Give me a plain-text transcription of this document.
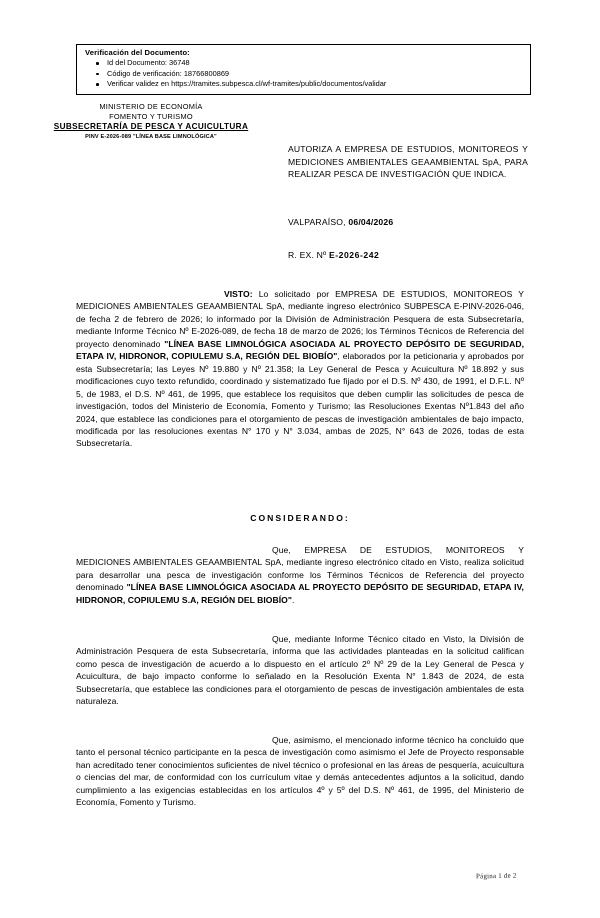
Verificación del Documento:
Id del Documento: 36748
Código de verificación: 18766800869
Verificar validez en https://tramites.subpesca.cl/wf-tramites/public/documentos/validar
MINISTERIO DE ECONOMÍA
FOMENTO Y TURISMO
SUBSECRETARÍA DE PESCA Y ACUICULTURA
PINV E-2026-089 "LÍNEA BASE LIMNOLÓGICA"
AUTORIZA A EMPRESA DE ESTUDIOS, MONITOREOS Y MEDICIONES AMBIENTALES GEAAMBIENTAL SpA, PARA REALIZAR PESCA DE INVESTIGACIÓN QUE INDICA.
VALPARAÍSO, 06/04/2026
R. EX. Nº E-2026-242
VISTO: Lo solicitado por EMPRESA DE ESTUDIOS, MONITOREOS Y MEDICIONES AMBIENTALES GEAAMBIENTAL SpA, mediante ingreso electrónico SUBPESCA E-PINV-2026-046, de fecha 2 de febrero de 2026; lo informado por la División de Administración Pesquera de esta Subsecretaría, mediante Informe Técnico Nº E-2026-089, de fecha 18 de marzo de 2026; los Términos Técnicos de Referencia del proyecto denominado "LÍNEA BASE LIMNOLÓGICA ASOCIADA AL PROYECTO DEPÓSITO DE SEGURIDAD, ETAPA IV, HIDRONOR, COPIULEMU S.A, REGIÓN DEL BIOBÍO", elaborados por la peticionaria y aprobados por esta Subsecretaría; las Leyes Nº 19.880 y Nº 21.358; la Ley General de Pesca y Acuicultura Nº 18.892 y sus modificaciones cuyo texto refundido, coordinado y sistematizado fue fijado por el D.S. Nº 430, de 1991, el D.F.L. Nº 5, de 1983, el D.S. Nº 461, de 1995, que establece los requisitos que deben cumplir las solicitudes de pesca de investigación, todos del Ministerio de Economía, Fomento y Turismo; las Resoluciones Exentas Nº1.843 del año 2024, que establece las condiciones para el otorgamiento de pescas de investigación ambientales de bajo impacto, modificada por las resoluciones exentas N° 170 y N° 3.034, ambas de 2025, N° 643 de 2026, todas de esta Subsecretaría.
CONSIDERANDO:
Que, EMPRESA DE ESTUDIOS, MONITOREOS Y MEDICIONES AMBIENTALES GEAAMBIENTAL SpA, mediante ingreso electrónico citado en Visto, realiza solicitud para desarrollar una pesca de investigación conforme los Términos Técnicos de Referencia del proyecto denominado "LÍNEA BASE LIMNOLÓGICA ASOCIADA AL PROYECTO DEPÓSITO DE SEGURIDAD, ETAPA IV, HIDRONOR, COPIULEMU S.A, REGIÓN DEL BIOBÍO".
Que, mediante Informe Técnico citado en Visto, la División de Administración Pesquera de esta Subsecretaría, informa que las actividades planteadas en la solicitud califican como pesca de investigación de acuerdo a lo dispuesto en el artículo 2º Nº 29 de la Ley General de Pesca y Acuicultura, de bajo impacto conforme lo señalado en la Resolución Exenta N° 1.843 de 2024, de esta Subsecretaría, que establece las condiciones para el otorgamiento de pescas de investigación ambientales de esta naturaleza.
Que, asimismo, el mencionado informe técnico ha concluido que tanto el personal técnico participante en la pesca de investigación como asimismo el Jefe de Proyecto responsable han acreditado tener conocimientos suficientes de nivel técnico o profesional en las áreas de pesquería, acuicultura o ciencias del mar, de conformidad con los currículum vitae y demás antecedentes adjuntos a la solicitud, dando cumplimiento a las exigencias establecidas en los artículos 4º y 5º del D.S. Nº 461, de 1995, del Ministerio de Economía, Fomento y Turismo.
Página 1 de 2
